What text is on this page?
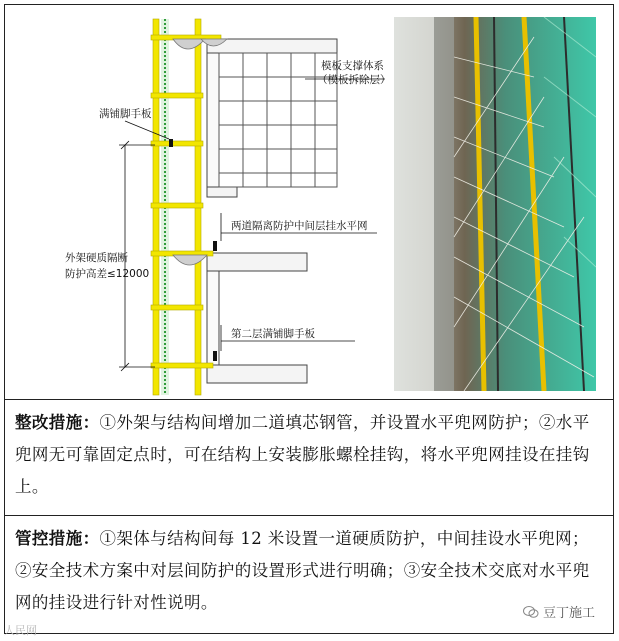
满铺脚手板
模板支撑体系
（模板拆除层）
外架硬质隔断
防护高差≤12000
两道隔离防护中间层挂水平网
第二层满铺脚手板
整改措施：①外架与结构间增加二道填芯钢管，并设置水平兜网防护；②水平兜网无可靠固定点时，可在结构上安装膨胀螺栓挂钩，将水平兜网挂设在挂钩上。
管控措施：①架体与结构间每 12 米设置一道硬质防护，中间挂设水平兜网；②安全技术方案中对层间防护的设置形式进行明确；③安全技术交底对水平兜网的挂设进行针对性说明。
豆丁施工
人民网
